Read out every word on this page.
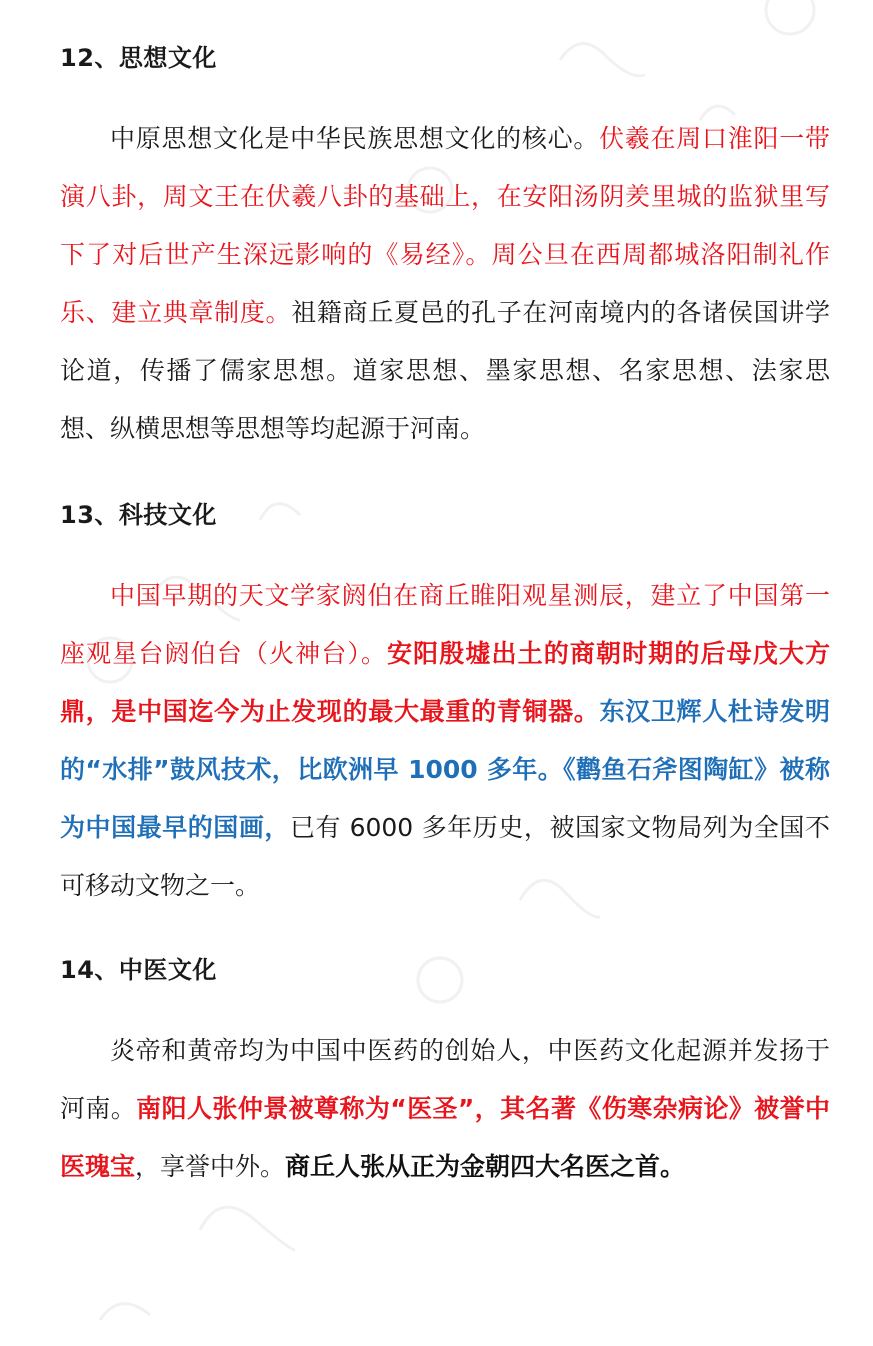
12、思想文化

中原思想文化是中华民族思想文化的核心。伏羲在周口淮阳一带演八卦，周文王在伏羲八卦的基础上，在安阳汤阴羑里城的监狱里写下了对后世产生深远影响的《易经》。周公旦在西周都城洛阳制礼作乐、建立典章制度。祖籍商丘夏邑的孔子在河南境内的各诸侯国讲学论道，传播了儒家思想。道家思想、墨家思想、名家思想、法家思想、纵横思想等思想等均起源于河南。

13、科技文化

中国早期的天文学家阏伯在商丘睢阳观星测辰，建立了中国第一座观星台阏伯台（火神台）。安阳殷墟出土的商朝时期的后母戊大方鼎，是中国迄今为止发现的最大最重的青铜器。东汉卫辉人杜诗发明的“水排”鼓风技术，比欧洲早 1000 多年。《鹳鱼石斧图陶缸》被称为中国最早的国画，已有 6000 多年历史，被国家文物局列为全国不可移动文物之一。

14、中医文化

炎帝和黄帝均为中国中医药的创始人，中医药文化起源并发扬于河南。南阳人张仲景被尊称为“医圣”，其名著《伤寒杂病论》被誉中医瑰宝，享誉中外。商丘人张从正为金朝四大名医之首。
